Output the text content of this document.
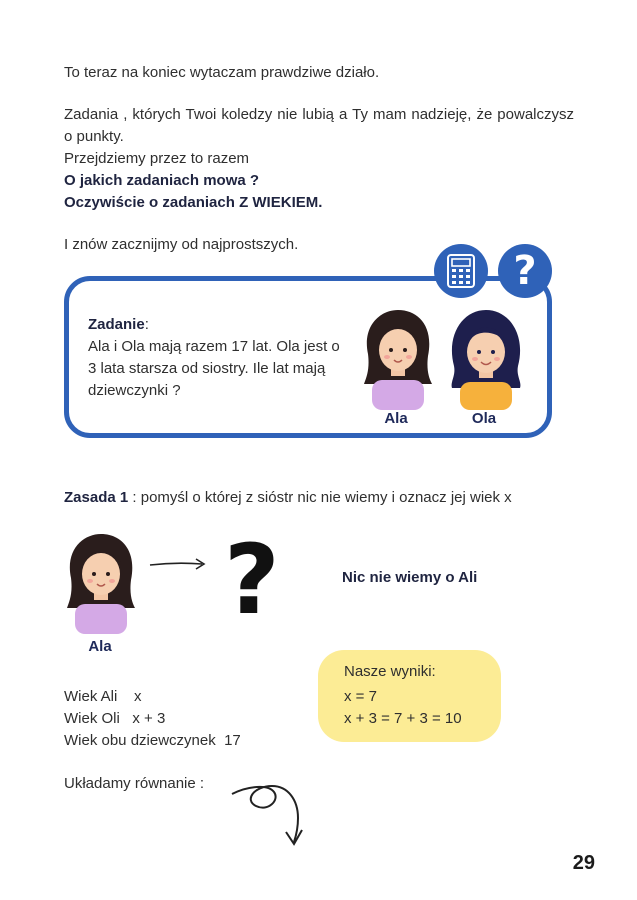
To teraz na koniec wytaczam prawdziwe działo.
Zadania , których Twoi koledzy nie lubią a Ty mam nadzieję, że powalczysz o punkty.
Przejdziemy przez to razem
O jakich zadaniach mowa ?
Oczywiście o zadaniach Z WIEKIEM.
I znów zacznijmy od najprostszych.
?
Zadanie:
Ala i Ola mają razem 17 lat. Ola jest o 3 lata starsza od siostry. Ile lat mają dziewczynki ?
Ala	Ola
Zasada 1 : pomyśl o której z sióstr nic nie wiemy i oznacz jej wiek x
Ala
?	Nic nie wiemy o Ali
Wiek Ali x
Wiek Oli x + 3
Wiek obu dziewczynek 17
Nasze wyniki:
x = 7
x + 3 = 7 + 3 = 10
Układamy równanie :
29
